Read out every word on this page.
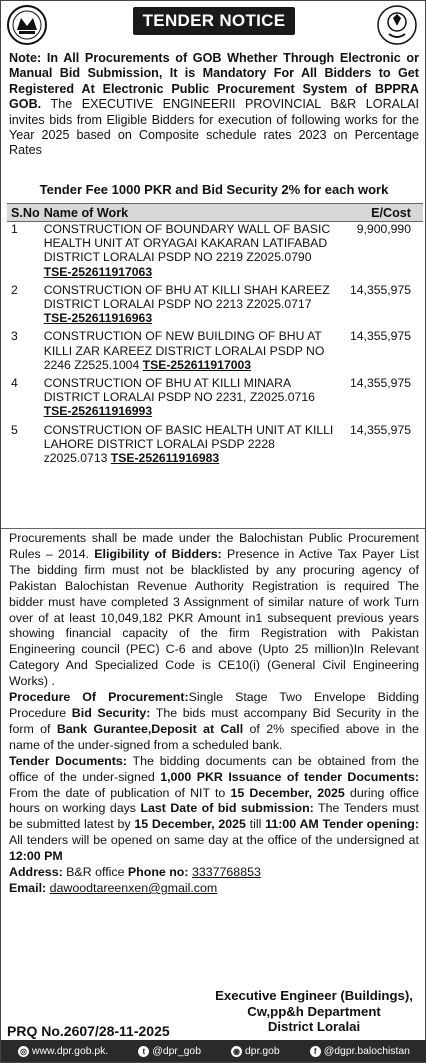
TENDER NOTICE
Note: In All Procurements of GOB Whether Through Electronic or Manual Bid Submission, It is Mandatory For All Bidders to Get Registered At Electronic Public Procurement System of BPPRA GOB. The EXECUTIVE ENGINEERII PROVINCIAL B&R LORALAI invites bids from Eligible Bidders for execution of following works for the Year 2025 based on Composite schedule rates 2023 on Percentage Rates
Tender Fee 1000 PKR and Bid Security 2% for each work
S.No	Name of Work	E/Cost
1	CONSTRUCTION OF BOUNDARY WALL OF BASIC HEALTH UNIT AT ORYAGAI KAKARAN LATIFABAD DISTRICT LORALAI PSDP NO 2219 Z2025.0790 TSE-252611917063	9,900,990
2	CONSTRUCTION OF BHU AT KILLI SHAH KAREEZ DISTRICT LORALAI PSDP NO 2213 Z2025.0717 TSE-252611916963	14,355,975
3	CONSTRUCTION OF NEW BUILDING OF BHU AT KILLI ZAR KAREEZ DISTRICT LORALAI PSDP NO 2246 Z2525.1004 TSE-252611917003	14,355,975
4	CONSTRUCTION OF BHU AT KILLI MINARA DISTRICT LORALAI PSDP NO 2231, Z2025.0716 TSE-252611916993	14,355,975
5	CONSTRUCTION OF BASIC HEALTH UNIT AT KILLI LAHORE DISTRICT LORALAI PSDP 2228 z2025.0713 TSE-252611916983	14,355,975
Procurements shall be made under the Balochistan Public Procurement Rules – 2014. Eligibility of Bidders: Presence in Active Tax Payer List The bidding firm must not be blacklisted by any procuring agency of Pakistan Balochistan Revenue Authority Registration is required The bidder must have completed 3 Assignment of similar nature of work Turn over of at least 10,049,182 PKR Amount in1 subsequent previous years showing financial capacity of the firm Registration with Pakistan Engineering council (PEC) C-6 and above (Upto 25 million)In Relevant Category And Specialized Code is CE10(i) (General Civil Engineering Works) .
Procedure Of Procurement:Single Stage Two Envelope Bidding Procedure Bid Security: The bids must accompany Bid Security in the form of Bank Gurantee,Deposit at Call of 2% specified above in the name of the under-signed from a scheduled bank.
Tender Documents: The bidding documents can be obtained from the office of the under-signed 1,000 PKR Issuance of tender Documents: From the date of publication of NIT to 15 December, 2025 during office hours on working days Last Date of bid submission: The Tenders must be submitted latest by 15 December, 2025 till 11:00 AM Tender opening: All tenders will be opened on same day at the office of the undersigned at 12:00 PM
Address: B&R office Phone no: 3337768853
Email: dawoodtareenxen@gmail.com
Executive Engineer (Buildings),
Cw,pp&h Department
District Loralai
PRQ No.2607/28-11-2025
◎ www.dpr.gob.pk.	t @dpr_gob	◉ dpr.gob	f @dgpr.balochistan
